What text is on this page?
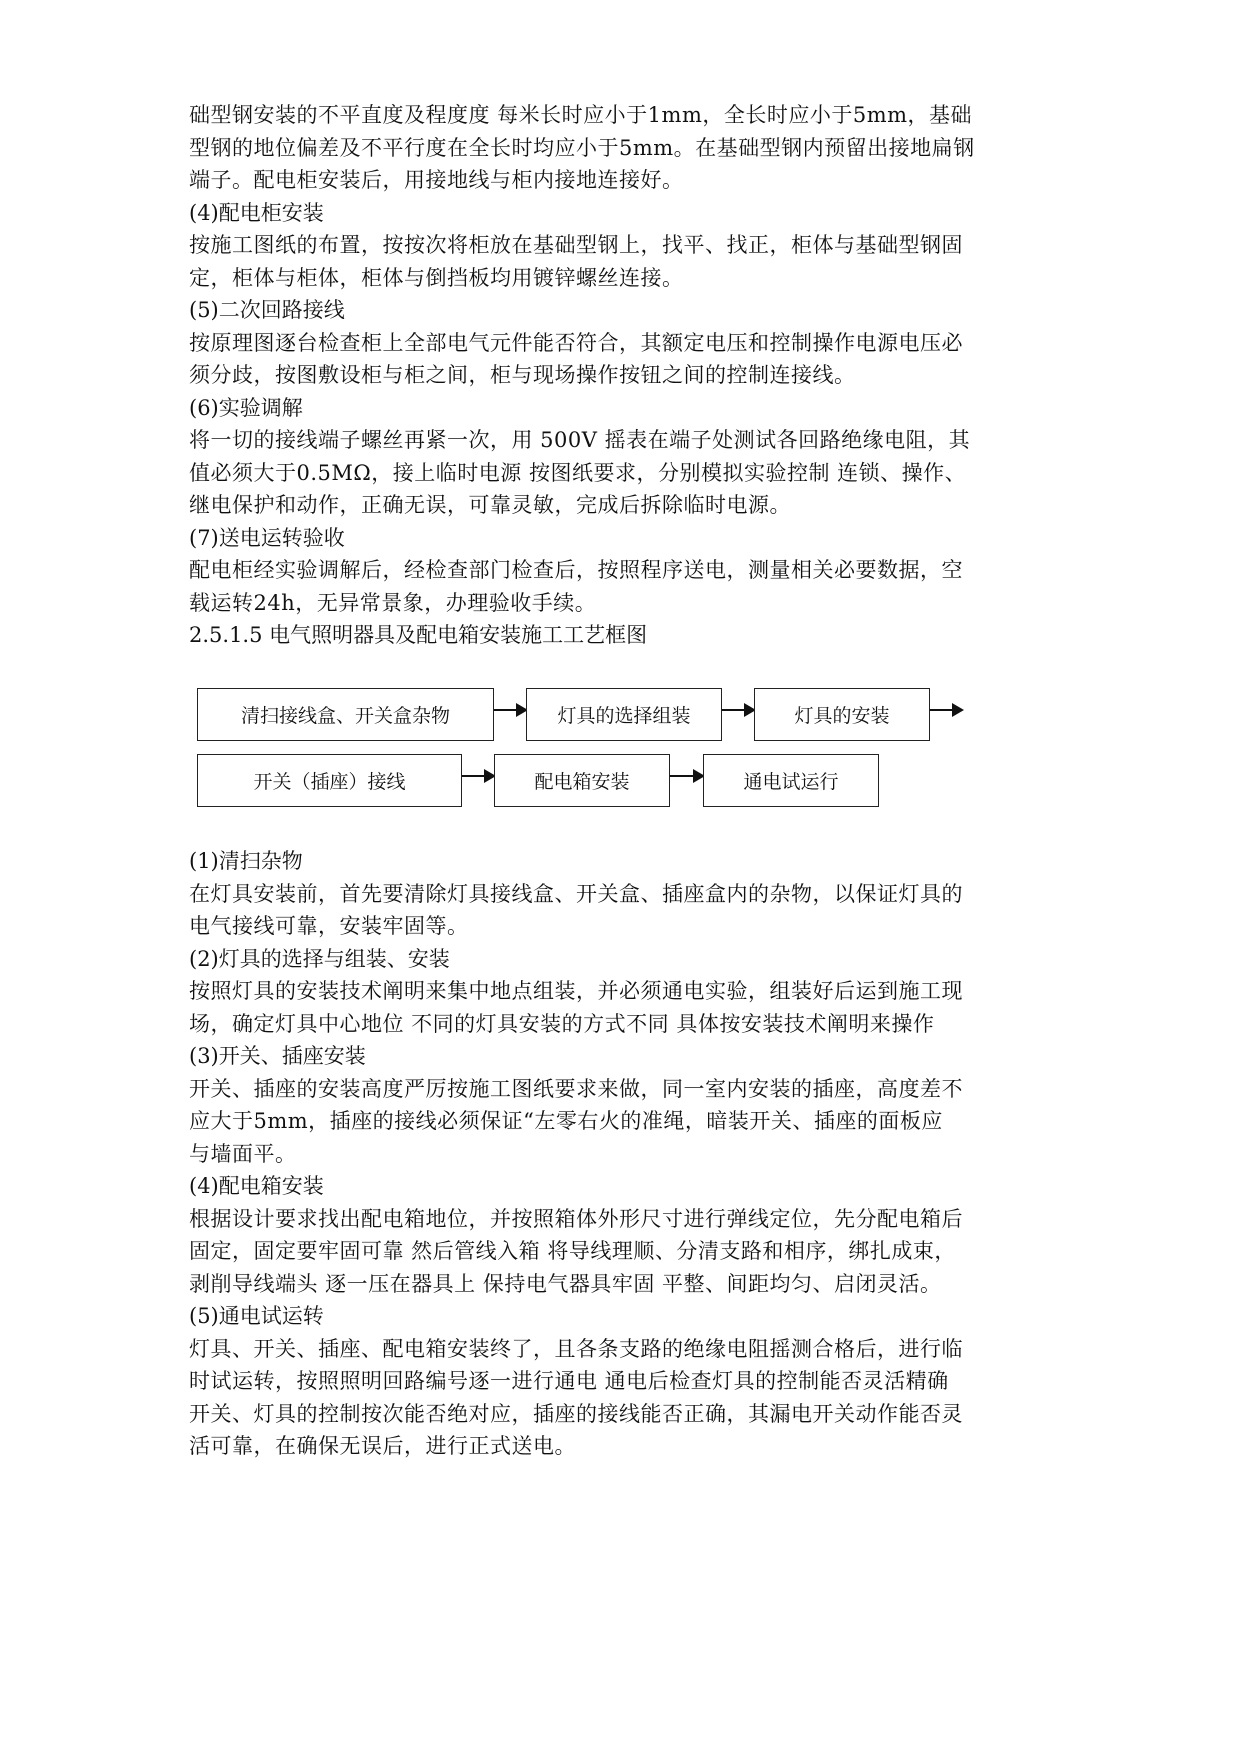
础型钢安装的不平直度及程度度 每米长时应小于1mm，全长时应小于5mm，基础
型钢的地位偏差及不平行度在全长时均应小于5mm。在基础型钢内预留出接地扁钢
端子。配电柜安装后，用接地线与柜内接地连接好。
(4)配电柜安装
按施工图纸的布置，按按次将柜放在基础型钢上，找平、找正，柜体与基础型钢固
定，柜体与柜体，柜体与倒挡板均用镀锌螺丝连接。
(5)二次回路接线
按原理图逐台检查柜上全部电气元件能否符合，其额定电压和控制操作电源电压必
须分歧，按图敷设柜与柜之间，柜与现场操作按钮之间的控制连接线。
(6)实验调解
将一切的接线端子螺丝再紧一次，用 500V 摇表在端子处测试各回路绝缘电阻，其
值必须大于0.5MΩ，接上临时电源 按图纸要求，分别模拟实验控制 连锁、操作、
继电保护和动作，正确无误，可靠灵敏，完成后拆除临时电源。
(7)送电运转验收
配电柜经实验调解后，经检查部门检查后，按照程序送电，测量相关必要数据，空
载运转24h，无异常景象，办理验收手续。
2.5.1.5 电气照明器具及配电箱安装施工工艺框图
清扫接线盒、开关盒杂物	灯具的选择组装	灯具的安装
开关（插座）接线	配电箱安装	通电试运行
(1)清扫杂物
在灯具安装前，首先要清除灯具接线盒、开关盒、插座盒内的杂物，以保证灯具的
电气接线可靠，安装牢固等。
(2)灯具的选择与组装、安装
按照灯具的安装技术阐明来集中地点组装，并必须通电实验，组装好后运到施工现
场，确定灯具中心地位 不同的灯具安装的方式不同 具体按安装技术阐明来操作
(3)开关、插座安装
开关、插座的安装高度严厉按施工图纸要求来做，同一室内安装的插座，高度差不
应大于5mm，插座的接线必须保证“左零右火的准绳，暗装开关、插座的面板应
与墙面平。
(4)配电箱安装
根据设计要求找出配电箱地位，并按照箱体外形尺寸进行弹线定位，先分配电箱后
固定，固定要牢固可靠 然后管线入箱 将导线理顺、分清支路和相序，绑扎成束，
剥削导线端头 逐一压在器具上 保持电气器具牢固 平整、间距均匀、启闭灵活。
(5)通电试运转
灯具、开关、插座、配电箱安装终了，且各条支路的绝缘电阻摇测合格后，进行临
时试运转，按照照明回路编号逐一进行通电 通电后检查灯具的控制能否灵活精确
开关、灯具的控制按次能否绝对应，插座的接线能否正确，其漏电开关动作能否灵
活可靠，在确保无误后，进行正式送电。
